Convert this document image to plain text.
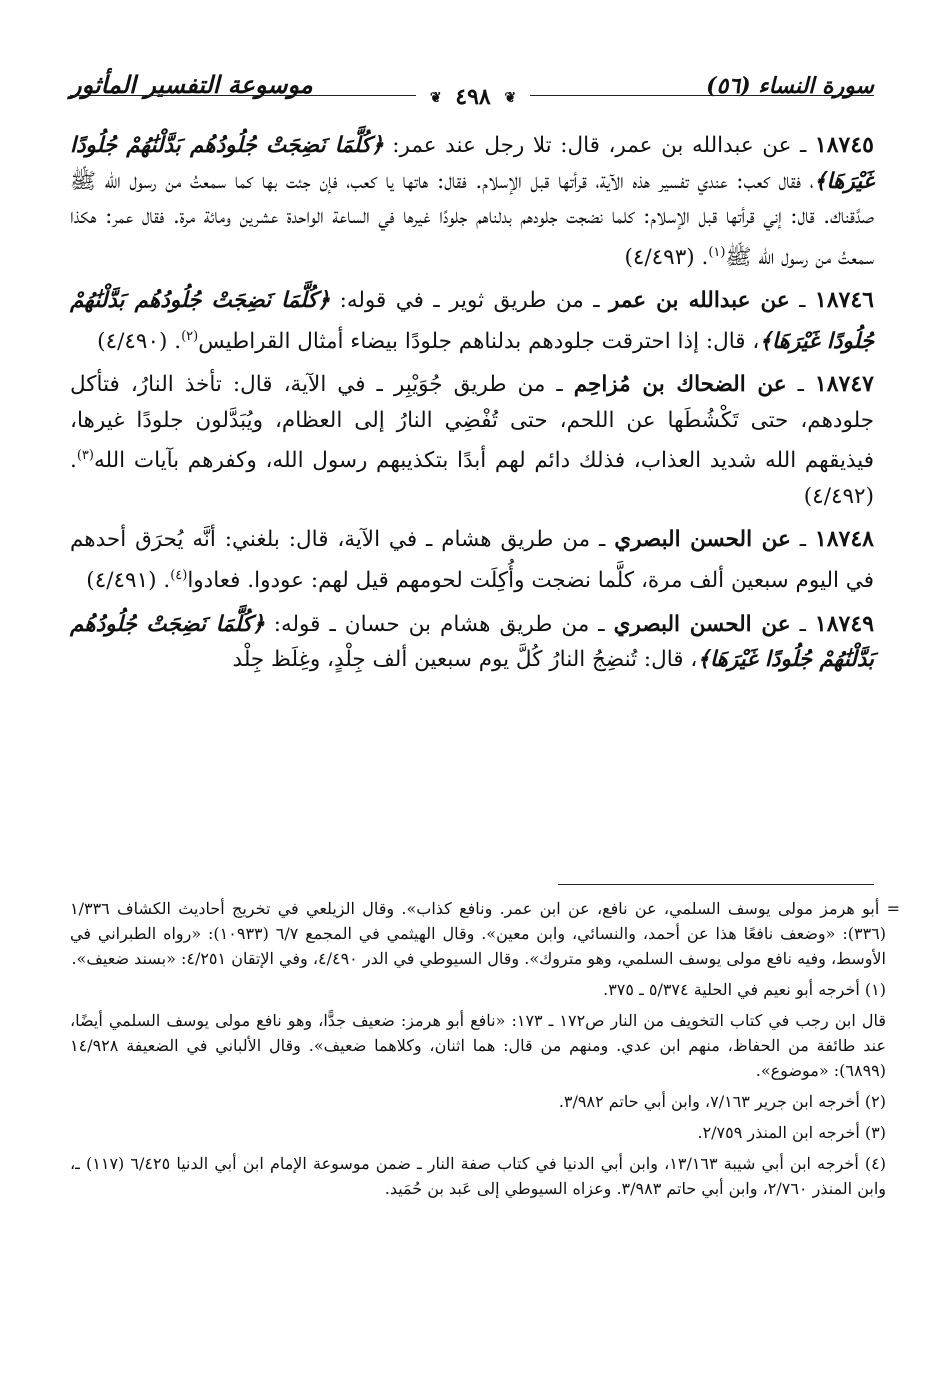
سورة النساء (٥٦)
موسوعة التفسير المأثور	❦ ٤٩٨ ❦

١٨٧٤٥ ـ عن عبدالله بن عمر، قال: تلا رجل عند عمر: ﴿كُلَّمَا نَضِجَتْ جُلُودُهُم بَدَّلْنَٰهُمْ جُلُودًا غَيْرَهَا﴾، فقال كعب: عندي تفسير هذه الآية، قرأتها قبل الإسلام. فقال: هاتها يا كعب، فإن جئت بها كما سمعتُ من رسول الله ﷺ صدَّقناك. قال: إني قرأتها قبل الإسلام: كلما نضجت جلودهم بدلناهم جلودًا غيرها في الساعة الواحدة عشرين ومائة مرة. فقال عمر: هكذا سمعتُ من رسول الله ﷺ$^{(١)}$. (٤/٤٩٣)

١٨٧٤٦ ـ عن عبدالله بن عمر ـ من طريق ثوير ـ في قوله: ﴿كُلَّمَا نَضِجَتْ جُلُودُهُم بَدَّلْنَٰهُمْ جُلُودًا غَيْرَهَا﴾، قال: إذا احترقت جلودهم بدلناهم جلودًا بيضاء أمثال القراطيس$^{(٢)}$. (٤/٤٩٠)

١٨٧٤٧ ـ عن الضحاك بن مُزاحِم ـ من طريق جُوَيْبِر ـ في الآية، قال: تأخذ النارُ، فتأكل جلودهم، حتى تَكْشُطَها عن اللحم، حتى تُفْضِي النارُ إلى العظام، ويُبَدَّلون جلودًا غيرها، فيذيقهم الله شديد العذاب، فذلك دائم لهم أبدًا بتكذيبهم رسول الله، وكفرهم بآيات الله$^{(٣)}$. (٤/٤٩٢)

١٨٧٤٨ ـ عن الحسن البصري ـ من طريق هشام ـ في الآية، قال: بلغني: أنَّه يُحرَق أحدهم في اليوم سبعين ألف مرة، كلَّما نضجت وأُكِلَت لحومهم قيل لهم: عودوا. فعادوا$^{(٤)}$. (٤/٤٩١)

١٨٧٤٩ ـ عن الحسن البصري ـ من طريق هشام بن حسان ـ قوله: ﴿كُلَّمَا نَضِجَتْ جُلُودُهُم بَدَّلْنَٰهُمْ جُلُودًا غَيْرَهَا﴾، قال: تُنضِجُ النارُ كُلَّ يوم سبعين ألف جِلْدٍ، وغِلَظ جِلْد

= أبو هرمز مولى يوسف السلمي، عن نافع، عن ابن عمر. ونافع كذاب». وقال الزيلعي في تخريج أحاديث الكشاف ١/٣٣٦ (٣٣٦): «وضعف نافعًا هذا عن أحمد، والنسائي، وابن معين». وقال الهيثمي في المجمع ٦/٧ (١٠٩٣٣): «رواه الطبراني في الأوسط، وفيه نافع مولى يوسف السلمي، وهو متروك». وقال السيوطي في الدر ٤/٤٩٠، وفي الإتقان ٤/٢٥١: «بسند ضعيف».

(١) أخرجه أبو نعيم في الحلية ٥/٣٧٤ ـ ٣٧٥.

قال ابن رجب في كتاب التخويف من النار ص١٧٢ ـ ١٧٣: «نافع أبو هرمز: ضعيف جدًّا، وهو نافع مولى يوسف السلمي أيضًا، عند طائفة من الحفاظ، منهم ابن عدي. ومنهم من قال: هما اثنان، وكلاهما ضعيف». وقال الألباني في الضعيفة ١٤/٩٢٨ (٦٨٩٩): «موضوع».

(٢) أخرجه ابن جرير ٧/١٦٣، وابن أبي حاتم ٣/٩٨٢.

(٣) أخرجه ابن المنذر ٢/٧٥٩.

(٤) أخرجه ابن أبي شيبة ١٣/١٦٣، وابن أبي الدنيا في كتاب صفة النار ـ ضمن موسوعة الإمام ابن أبي الدنيا ٦/٤٢٥ (١١٧) ـ، وابن المنذر ٢/٧٦٠، وابن أبي حاتم ٣/٩٨٣. وعزاه السيوطي إلى عَبد بن حُمَيد.
